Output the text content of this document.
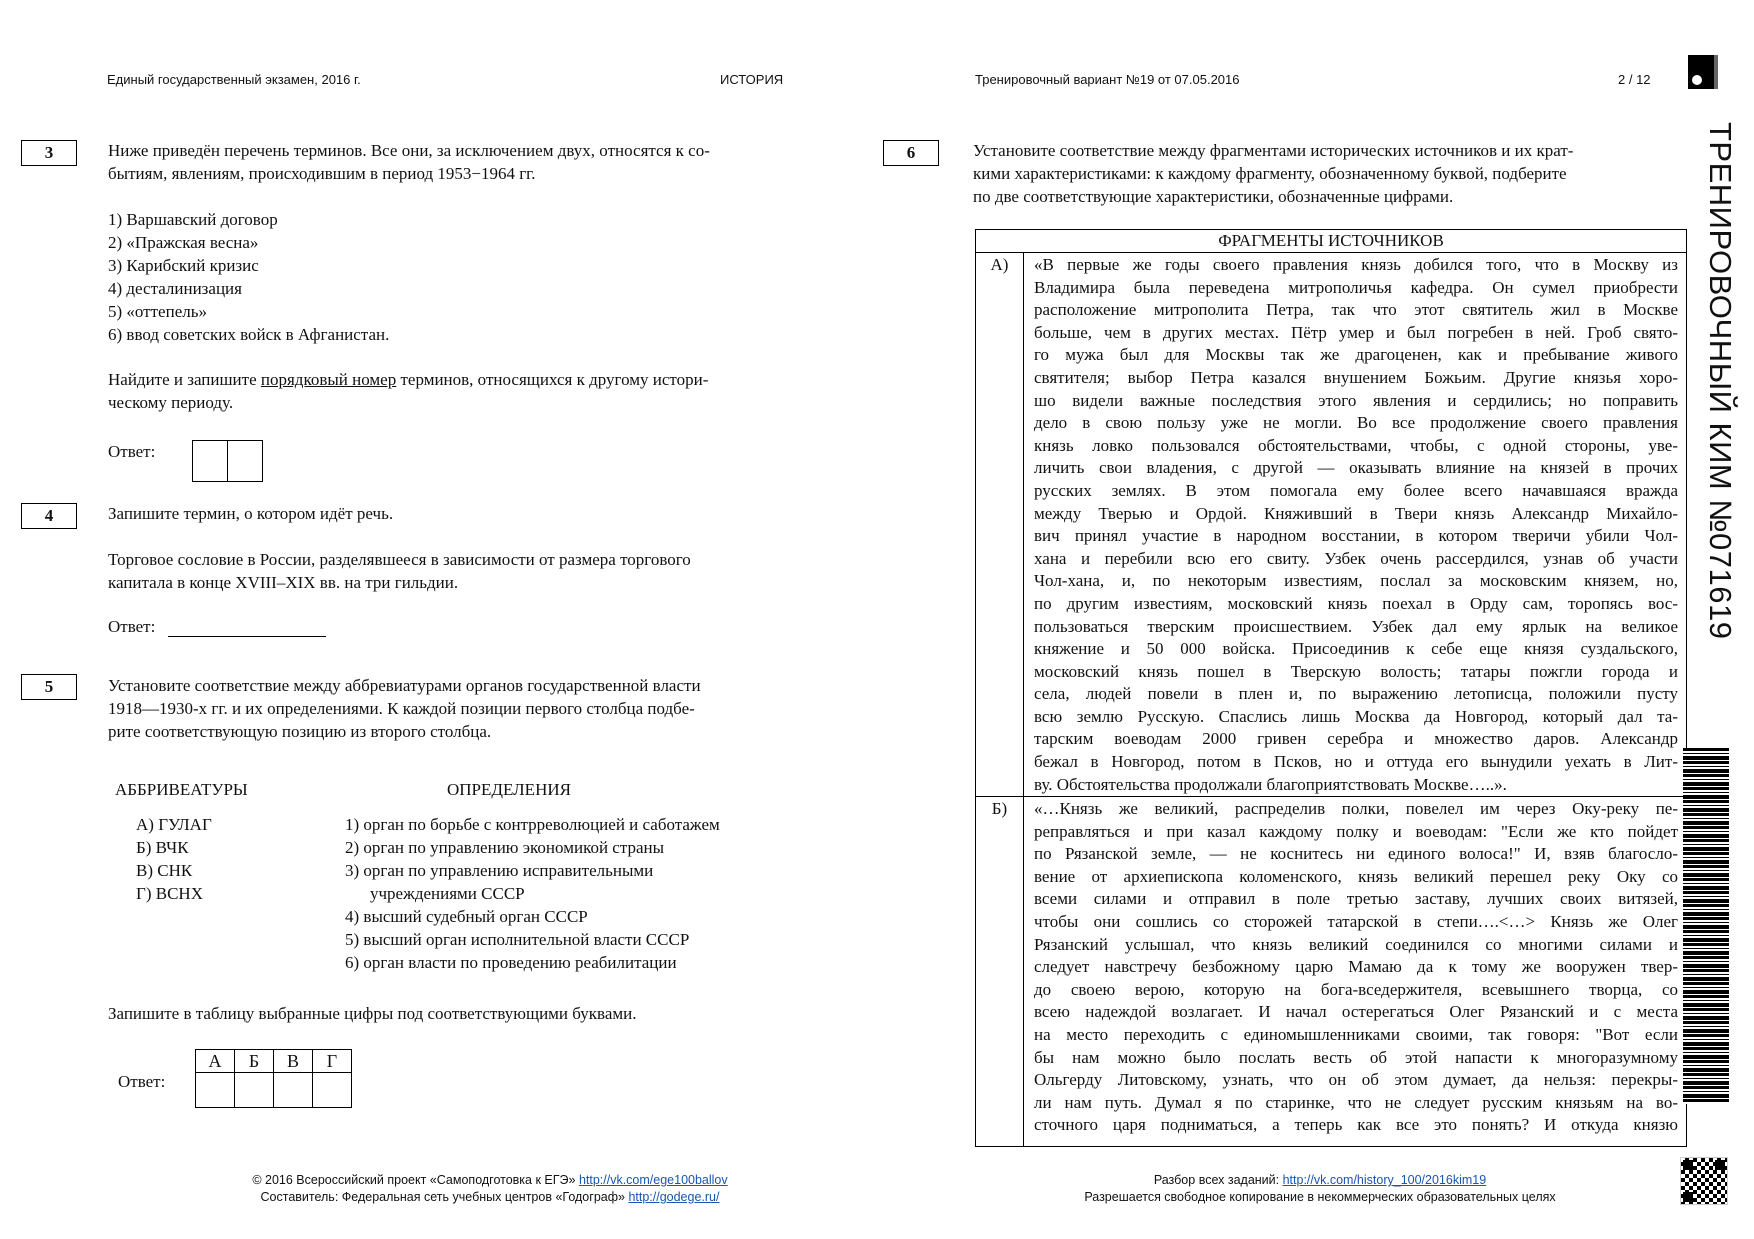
Единый государственный экзамен, 2016 г.	ИСТОРИЯ	Тренировочный вариант №19 от 07.05.2016	2 / 12
3	Ниже приведён перечень терминов. Все они, за исключением двух, относятся к со-
бытиям, явлениям, происходившим в период 1953−1964 гг.
1) Варшавский договор
2) «Пражская весна»
3) Карибский кризис
4) десталинизация
5) «оттепель»
6) ввод советских войск в Афганистан.
Найдите и запишите порядковый номер терминов, относящихся к другому истори-
ческому периоду.
Ответ:
4	Запишите термин, о котором идёт речь.
Торговое сословие в России, разделявшееся в зависимости от размера торгового
капитала в конце XVIII–XIX вв. на три гильдии.
Ответ:
5	Установите соответствие между аббревиатурами органов государственной власти
1918—1930-х гг. и их определениями. К каждой позиции первого столбца подбе-
рите соответствующую позицию из второго столбца.
АББРИВЕАТУРЫ	ОПРЕДЕЛЕНИЯ
А) ГУЛАГ
Б) ВЧК
В) СНК
Г) ВСНХ
1) орган по борьбе с контрреволюцией и саботажем
2) орган по управлению экономикой страны
3) орган по управлению исправительными
учреждениями СССР
4) высший судебный орган СССР
5) высший орган исполнительной власти СССР
6) орган власти по проведению реабилитации
Запишите в таблицу выбранные цифры под соответствующими буквами.
Ответ:
А	Б	В	Г

6	Установите соответствие между фрагментами исторических источников и их крат-
кими характеристиками: к каждому фрагменту, обозначенному буквой, подберите
по две соответствующие характеристики, обозначенные цифрами.
ФРАГМЕНТЫ ИСТОЧНИКОВ
А)	«В первые же годы своего правления князь добился того, что в Москву из
Владимира была переведена митрополичья кафедра. Он сумел приобрести
расположение митрополита Петра, так что этот святитель жил в Москве
больше, чем в других местах. Пётр умер и был погребен в ней. Гроб свято-
го мужа был для Москвы так же драгоценен, как и пребывание живого
святителя; выбор Петра казался внушением Божьим. Другие князья хоро-
шо видели важные последствия этого явления и сердились; но поправить
дело в свою пользу уже не могли. Во все продолжение своего правления
князь ловко пользовался обстоятельствами, чтобы, с одной стороны, уве-
личить свои владения, с другой — оказывать влияние на князей в прочих
русских землях. В этом помогала ему более всего начавшаяся вражда
между Тверью и Ордой. Княживший в Твери князь Александр Михайло-
вич принял участие в народном восстании, в котором тверичи убили Чол-
хана и перебили всю его свиту. Узбек очень рассердился, узнав об участи
Чол-хана, и, по некоторым известиям, послал за московским князем, но,
по другим известиям, московский князь поехал в Орду сам, торопясь вос-
пользоваться тверским происшествием. Узбек дал ему ярлык на великое
княжение и 50 000 войска. Присоединив к себе еще князя суздальского,
московский князь пошел в Тверскую волость; татары пожгли города и
села, людей повели в плен и, по выражению летописца, положили пусту
всю землю Русскую. Спаслись лишь Москва да Новгород, который дал та-
тарским воеводам 2000 гривен серебра и множество даров. Александр
бежал в Новгород, потом в Псков, но и оттуда его вынудили уехать в Лит-
ву. Обстоятельства продолжали благоприятствовать Москве…..».
Б)	«…Князь же великий, распределив полки, повелел им через Оку-реку пе-
реправляться и при казал каждому полку и воеводам: "Если же кто пойдет
по Рязанской земле, — не коснитесь ни единого волоса!" И, взяв благосло-
вение от архиепископа коломенского, князь великий перешел реку Оку со
всеми силами и отправил в поле третью заставу, лучших своих витязей,
чтобы они сошлись со сторожей татарской в степи….<…> Князь же Олег
Рязанский услышал, что князь великий соединился со многими силами и
следует навстречу безбожному царю Мамаю да к тому же вооружен твер-
до своею верою, которую на бога-вседержителя, всевышнего творца, со
всею надеждой возлагает. И начал остерегаться Олег Рязанский и с места
на место переходить с единомышленниками своими, так говоря: "Вот если
бы нам можно было послать весть об этой напасти к многоразумному
Ольгерду Литовскому, узнать, что он об этом думает, да нельзя: перекры-
ли нам путь. Думал я по старинке, что не следует русским князьям на во-
сточного царя подниматься, а теперь как все это понять? И откуда князю
ТРЕНИРОВОЧНЫЙ КИМ №071619
© 2016 Всероссийский проект «Самоподготовка к ЕГЭ» http://vk.com/ege100ballov
Составитель: Федеральная сеть учебных центров «Годограф» http://godege.ru/
Разбор всех заданий: http://vk.com/history_100/2016kim19
Разрешается свободное копирование в некоммерческих образовательных целях
